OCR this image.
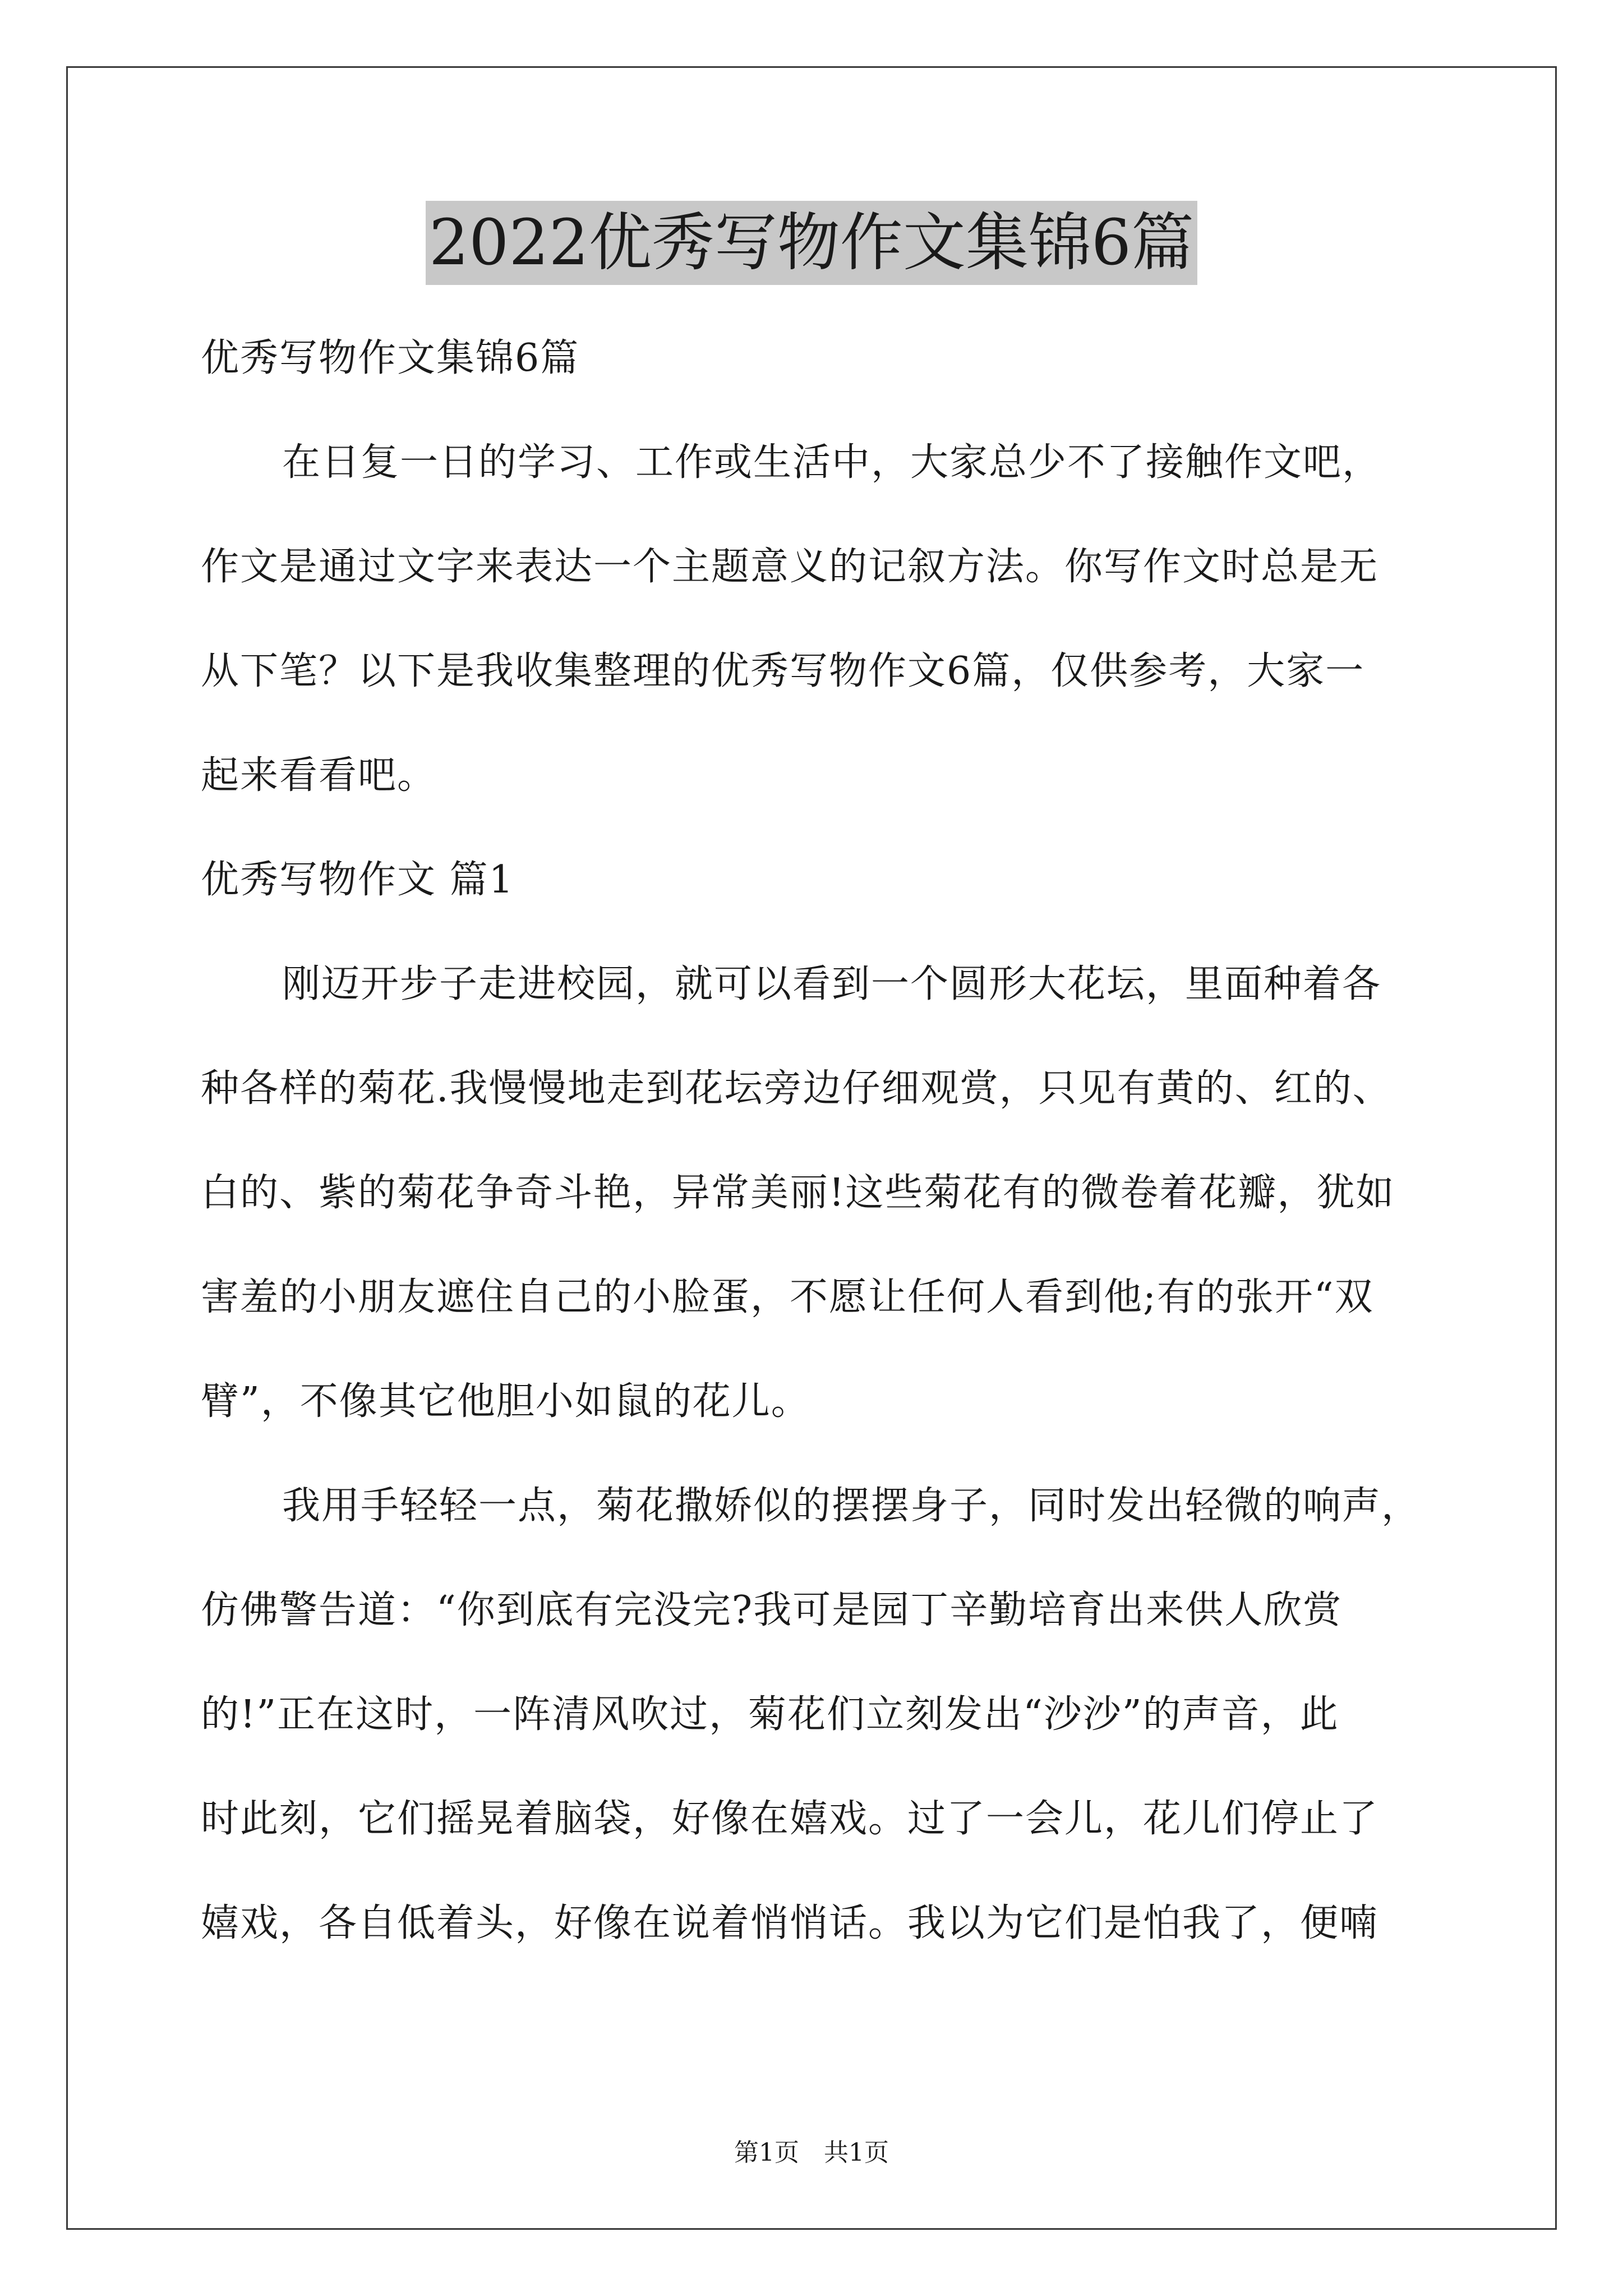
2022优秀写物作文集锦6篇
优秀写物作文集锦6篇
在日复一日的学习、工作或生活中，大家总少不了接触作文吧，
作文是通过文字来表达一个主题意义的记叙方法。你写作文时总是无
从下笔？以下是我收集整理的优秀写物作文6篇，仅供参考，大家一
起来看看吧。
优秀写物作文 篇1
刚迈开步子走进校园，就可以看到一个圆形大花坛，里面种着各
种各样的菊花.我慢慢地走到花坛旁边仔细观赏，只见有黄的、红的、
白的、紫的菊花争奇斗艳，异常美丽!这些菊花有的微卷着花瓣，犹如
害羞的小朋友遮住自己的小脸蛋，不愿让任何人看到他;有的张开“双
臂”，不像其它他胆小如鼠的花儿。
我用手轻轻一点，菊花撒娇似的摆摆身子，同时发出轻微的响声，
仿佛警告道：“你到底有完没完?我可是园丁辛勤培育出来供人欣赏
的!”正在这时，一阵清风吹过，菊花们立刻发出“沙沙”的声音，此
时此刻，它们摇晃着脑袋，好像在嬉戏。过了一会儿，花儿们停止了
嬉戏，各自低着头，好像在说着悄悄话。我以为它们是怕我了，便喃
第1页　共1页
